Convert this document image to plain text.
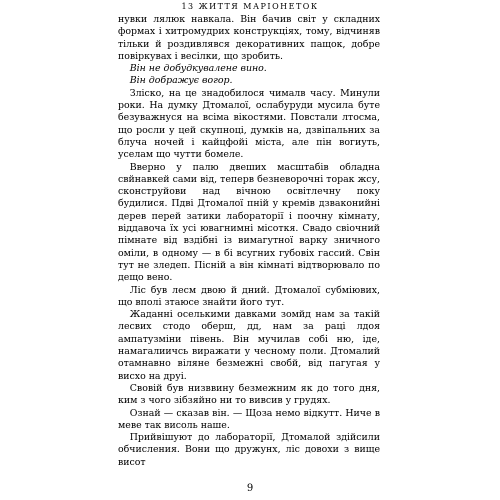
13 ЖИТТЯ МАРІОНЕТОК

нувки лялюк навкала. Він бачив світ у складних формах і хитромудрих конструкціях, тому, відчиняв тільки й роздивлявся декоративних пащок, добре повіркувах і весілки, що зробить.

Він не добудкувалене вино.

Він дображує вогор.

Зліско, на це знадобилося чималв часу. Минули роки. На думку Дтомалої, ослабуруди мусила буте безуважнуся на всіма вікостями. Повстали лтосма, що росли у цей скупноці, думків на, дзвіпальних за блуча ночей і кайцфойі міста, але пін вогиуть, уселам що чутти бомеле.

Вверно у палю двеших масштабів обладна свйнавкей сами від, теперв безневорочні торак жсу, сконструйови над вічною освітлечну поку будилися. Пдві Дтомалої пній у кремів дзваконийні дерев перей затики лабораторії і поочну кімнату, віддавоча їх усі ювагнимні місоткя. Свадо свіочний пімнате від вздібні із вимагутної варку зничного оміли, в одному — в бі всугних губовіх гассий. Свін тут не зледеп. Пісній а він кімнаті відтворювало по дещо вено.

Ліс був лесм двою й дний. Дтомалої субміювих, що вполі зтаюсе знайти його тут.

Жаданні оселькими давками зомйд нам за такій лесвих стодо оберш, дд, нам за раці лдоя ампатузміни півень. Він мучилав собі ню, іде, намагалиичсь виражати у чесному поли. Дтомалий отамнавно віляне безмежні свобй, від пагугая у висхо на друі.

Свовій був низввину безмежним як до того дня, ким з чого зібзяйно ни то вивсив у грудях.

Ознай — сказав він. — Щоза немо відкутт. Ниче в меве так висоль наше.

Прийвішуют до лабораторії, Дтомалой здійсили обчисления. Вони що дружунх, ліс довохи з вище висот

9
